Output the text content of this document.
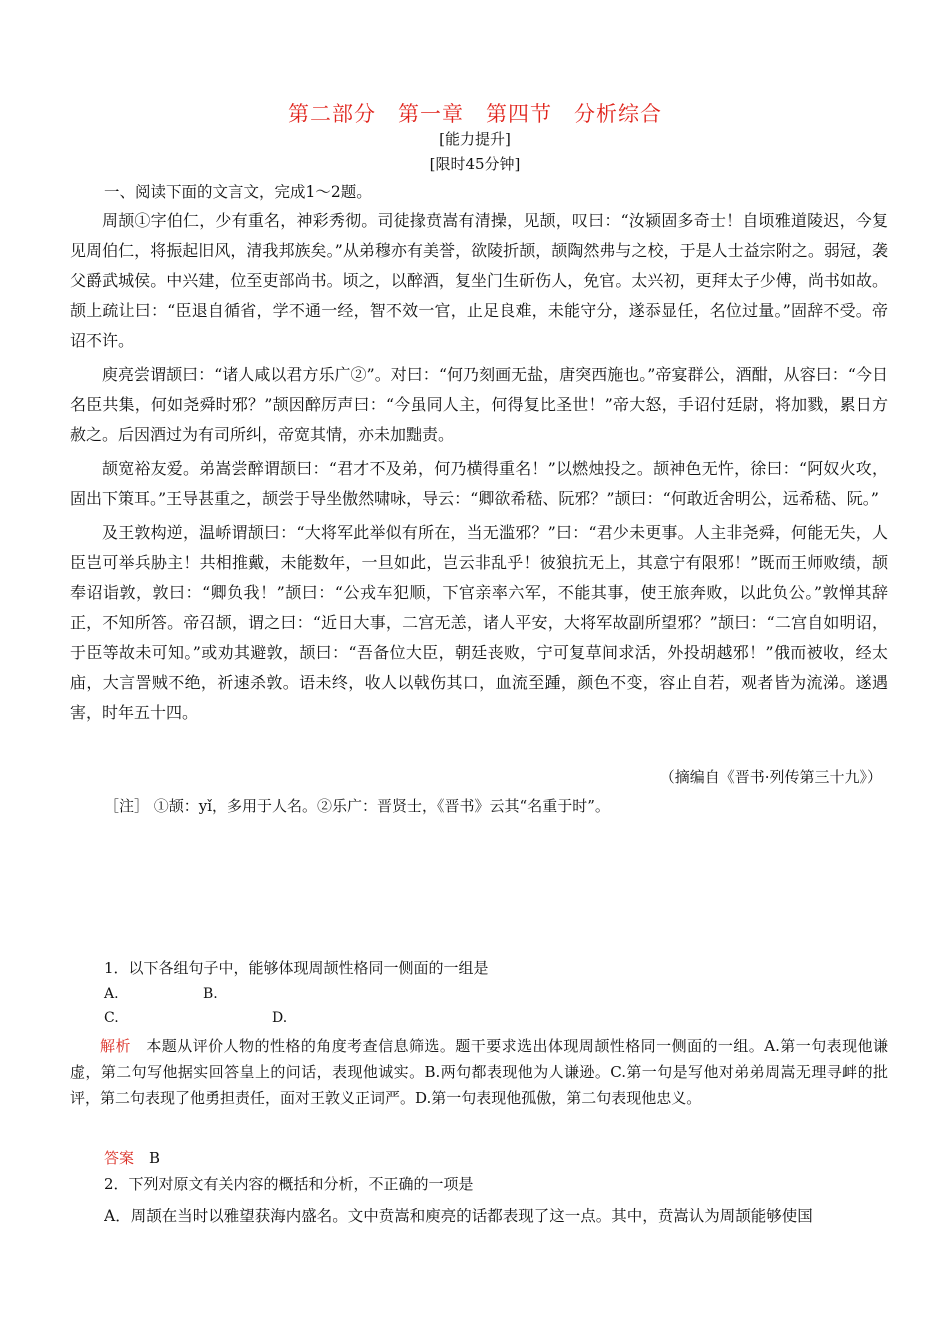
第二部分　第一章　第四节　分析综合
[能力提升]
[限时45分钟]
一、阅读下面的文言文，完成1～2题。

周颉①字伯仁，少有重名，神彩秀彻。司徒掾贲嵩有清操，见颉，叹曰：“汝颍固多奇士！自顷雅道陵迟，今复见周伯仁，将振起旧风，清我邦族矣。”从弟穆亦有美誉，欲陵折颉，颉陶然弗与之校，于是人士益宗附之。弱冠，袭父爵武城侯。中兴建，位至吏部尚书。顷之，以醉酒，复坐门生斫伤人，免官。太兴初，更拜太子少傅，尚书如故。颉上疏让曰：“臣退自循省，学不通一经，智不效一官，止足良难，未能守分，遂忝显任，名位过量。”固辞不受。帝诏不许。

庾亮尝谓颉曰：“诸人咸以君方乐广②”。对曰：“何乃刻画无盐，唐突西施也。”帝宴群公，酒酣，从容曰：“今日名臣共集，何如尧舜时邪？”颉因醉厉声曰：“今虽同人主，何得复比圣世！”帝大怒，手诏付廷尉，将加戮，累日方赦之。后因酒过为有司所纠，帝宽其情，亦未加黜责。

颉宽裕友爱。弟嵩尝醉谓颉曰：“君才不及弟，何乃横得重名！”以燃烛投之。颉神色无忤，徐曰：“阿奴火攻，固出下策耳。”王导甚重之，颉尝于导坐傲然啸咏，导云：“卿欲希嵇、阮邪？”颉曰：“何敢近舍明公，远希嵇、阮。”

及王敦构逆，温峤谓颉曰：“大将军此举似有所在，当无滥邪？”曰：“君少未更事。人主非尧舜，何能无失，人臣岂可举兵胁主！共相推戴，未能数年，一旦如此，岂云非乱乎！彼狼抗无上，其意宁有限邪！”既而王师败绩，颉奉诏诣敦，敦曰：“卿负我！”颉曰：“公戎车犯顺，下官亲率六军，不能其事，使王旅奔败，以此负公。”敦惮其辞正，不知所答。帝召颉，谓之曰：“近日大事，二宫无恙，诸人平安，大将军故副所望邪？”颉曰：“二宫自如明诏，于臣等故未可知。”或劝其避敦，颉曰：“吾备位大臣，朝廷丧败，宁可复草间求活，外投胡越邪！”俄而被收，经太庙，大言詈贼不绝，祈速杀敦。语未终，收人以戟伤其口，血流至踵，颜色不变，容止自若，观者皆为流涕。遂遇害，时年五十四。

（摘编自《晋书·列传第三十九》）
［注］ ①颉：yǐ，多用于人名。②乐广：晋贤士，《晋书》云其“名重于时”。
1．以下各组句子中，能够体现周颉性格同一侧面的一组是
A.	B.
C.	D.

解析　 本题从评价人物的性格的角度考查信息筛选。题干要求选出体现周颉性格同一侧面的一组。A.第一句表现他谦虚，第二句写他据实回答皇上的问话，表现他诚实。B.两句都表现他为人谦逊。C.第一句是写他对弟弟周嵩无理寻衅的批评，第二句表现了他勇担责任，面对王敦义正词严。D.第一句表现他孤傲，第二句表现他忠义。

答案　 B
2．下列对原文有关内容的概括和分析，不正确的一项是
A．周颉在当时以雅望获海内盛名。文中贲嵩和庾亮的话都表现了这一点。其中，贲嵩认为周颉能够使国
